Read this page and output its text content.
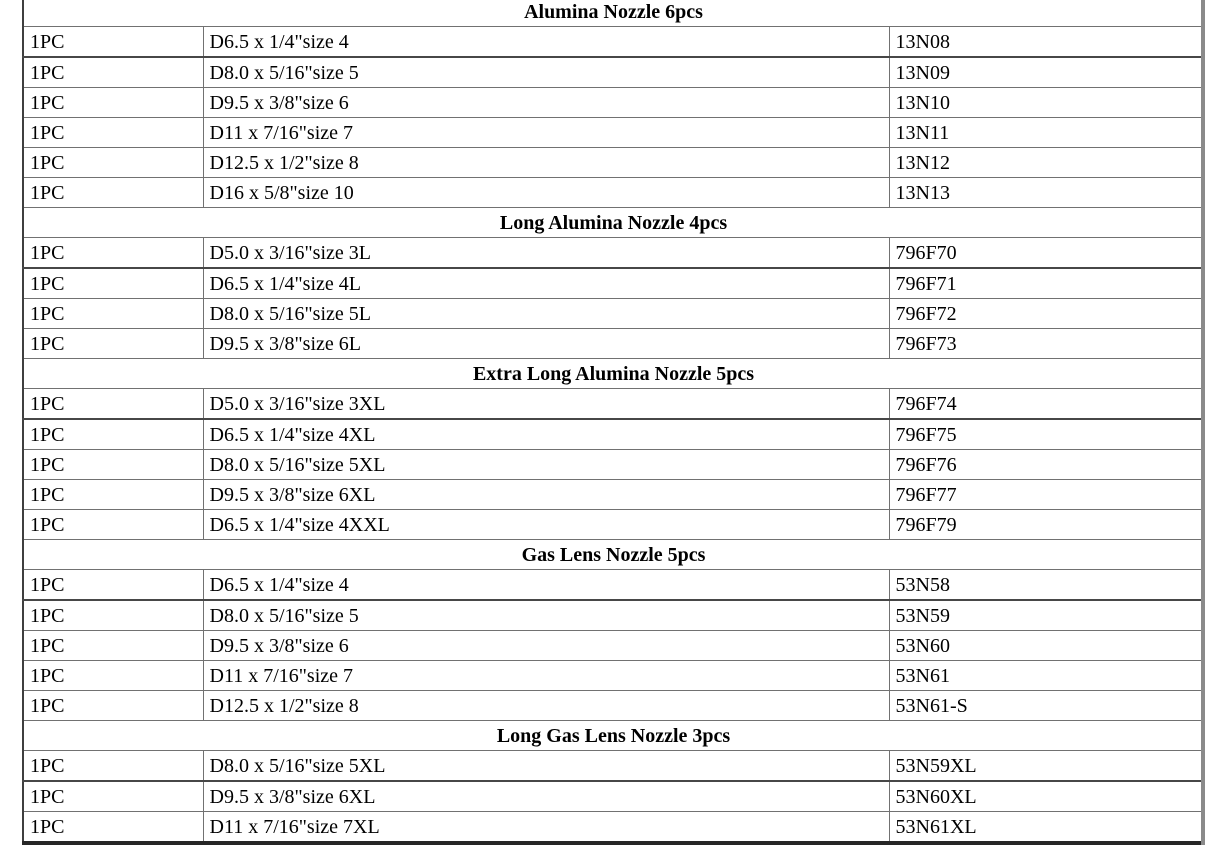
Alumina Nozzle 6pcs		
1PC	D6.5 x 1/4"size 4	13N08
1PC	D8.0 x 5/16"size 5	13N09
1PC	D9.5 x 3/8"size 6	13N10
1PC	D11 x 7/16"size 7	13N11
1PC	D12.5 x 1/2"size 8	13N12
1PC	D16 x 5/8"size 10	13N13
Long Alumina Nozzle 4pcs		
1PC	D5.0 x 3/16"size 3L	796F70
1PC	D6.5 x 1/4"size 4L	796F71
1PC	D8.0 x 5/16"size 5L	796F72
1PC	D9.5 x 3/8"size 6L	796F73
Extra Long Alumina Nozzle 5pcs		
1PC	D5.0 x 3/16"size 3XL	796F74
1PC	D6.5 x 1/4"size 4XL	796F75
1PC	D8.0 x 5/16"size 5XL	796F76
1PC	D9.5 x 3/8"size 6XL	796F77
1PC	D6.5 x 1/4"size 4XXL	796F79
Gas Lens Nozzle 5pcs		
1PC	D6.5 x 1/4"size 4	53N58
1PC	D8.0 x 5/16"size 5	53N59
1PC	D9.5 x 3/8"size 6	53N60
1PC	D11 x 7/16"size 7	53N61
1PC	D12.5 x 1/2"size 8	53N61-S
Long Gas Lens Nozzle 3pcs		
1PC	D8.0 x 5/16"size 5XL	53N59XL
1PC	D9.5 x 3/8"size 6XL	53N60XL
1PC	D11 x 7/16"size 7XL	53N61XL
